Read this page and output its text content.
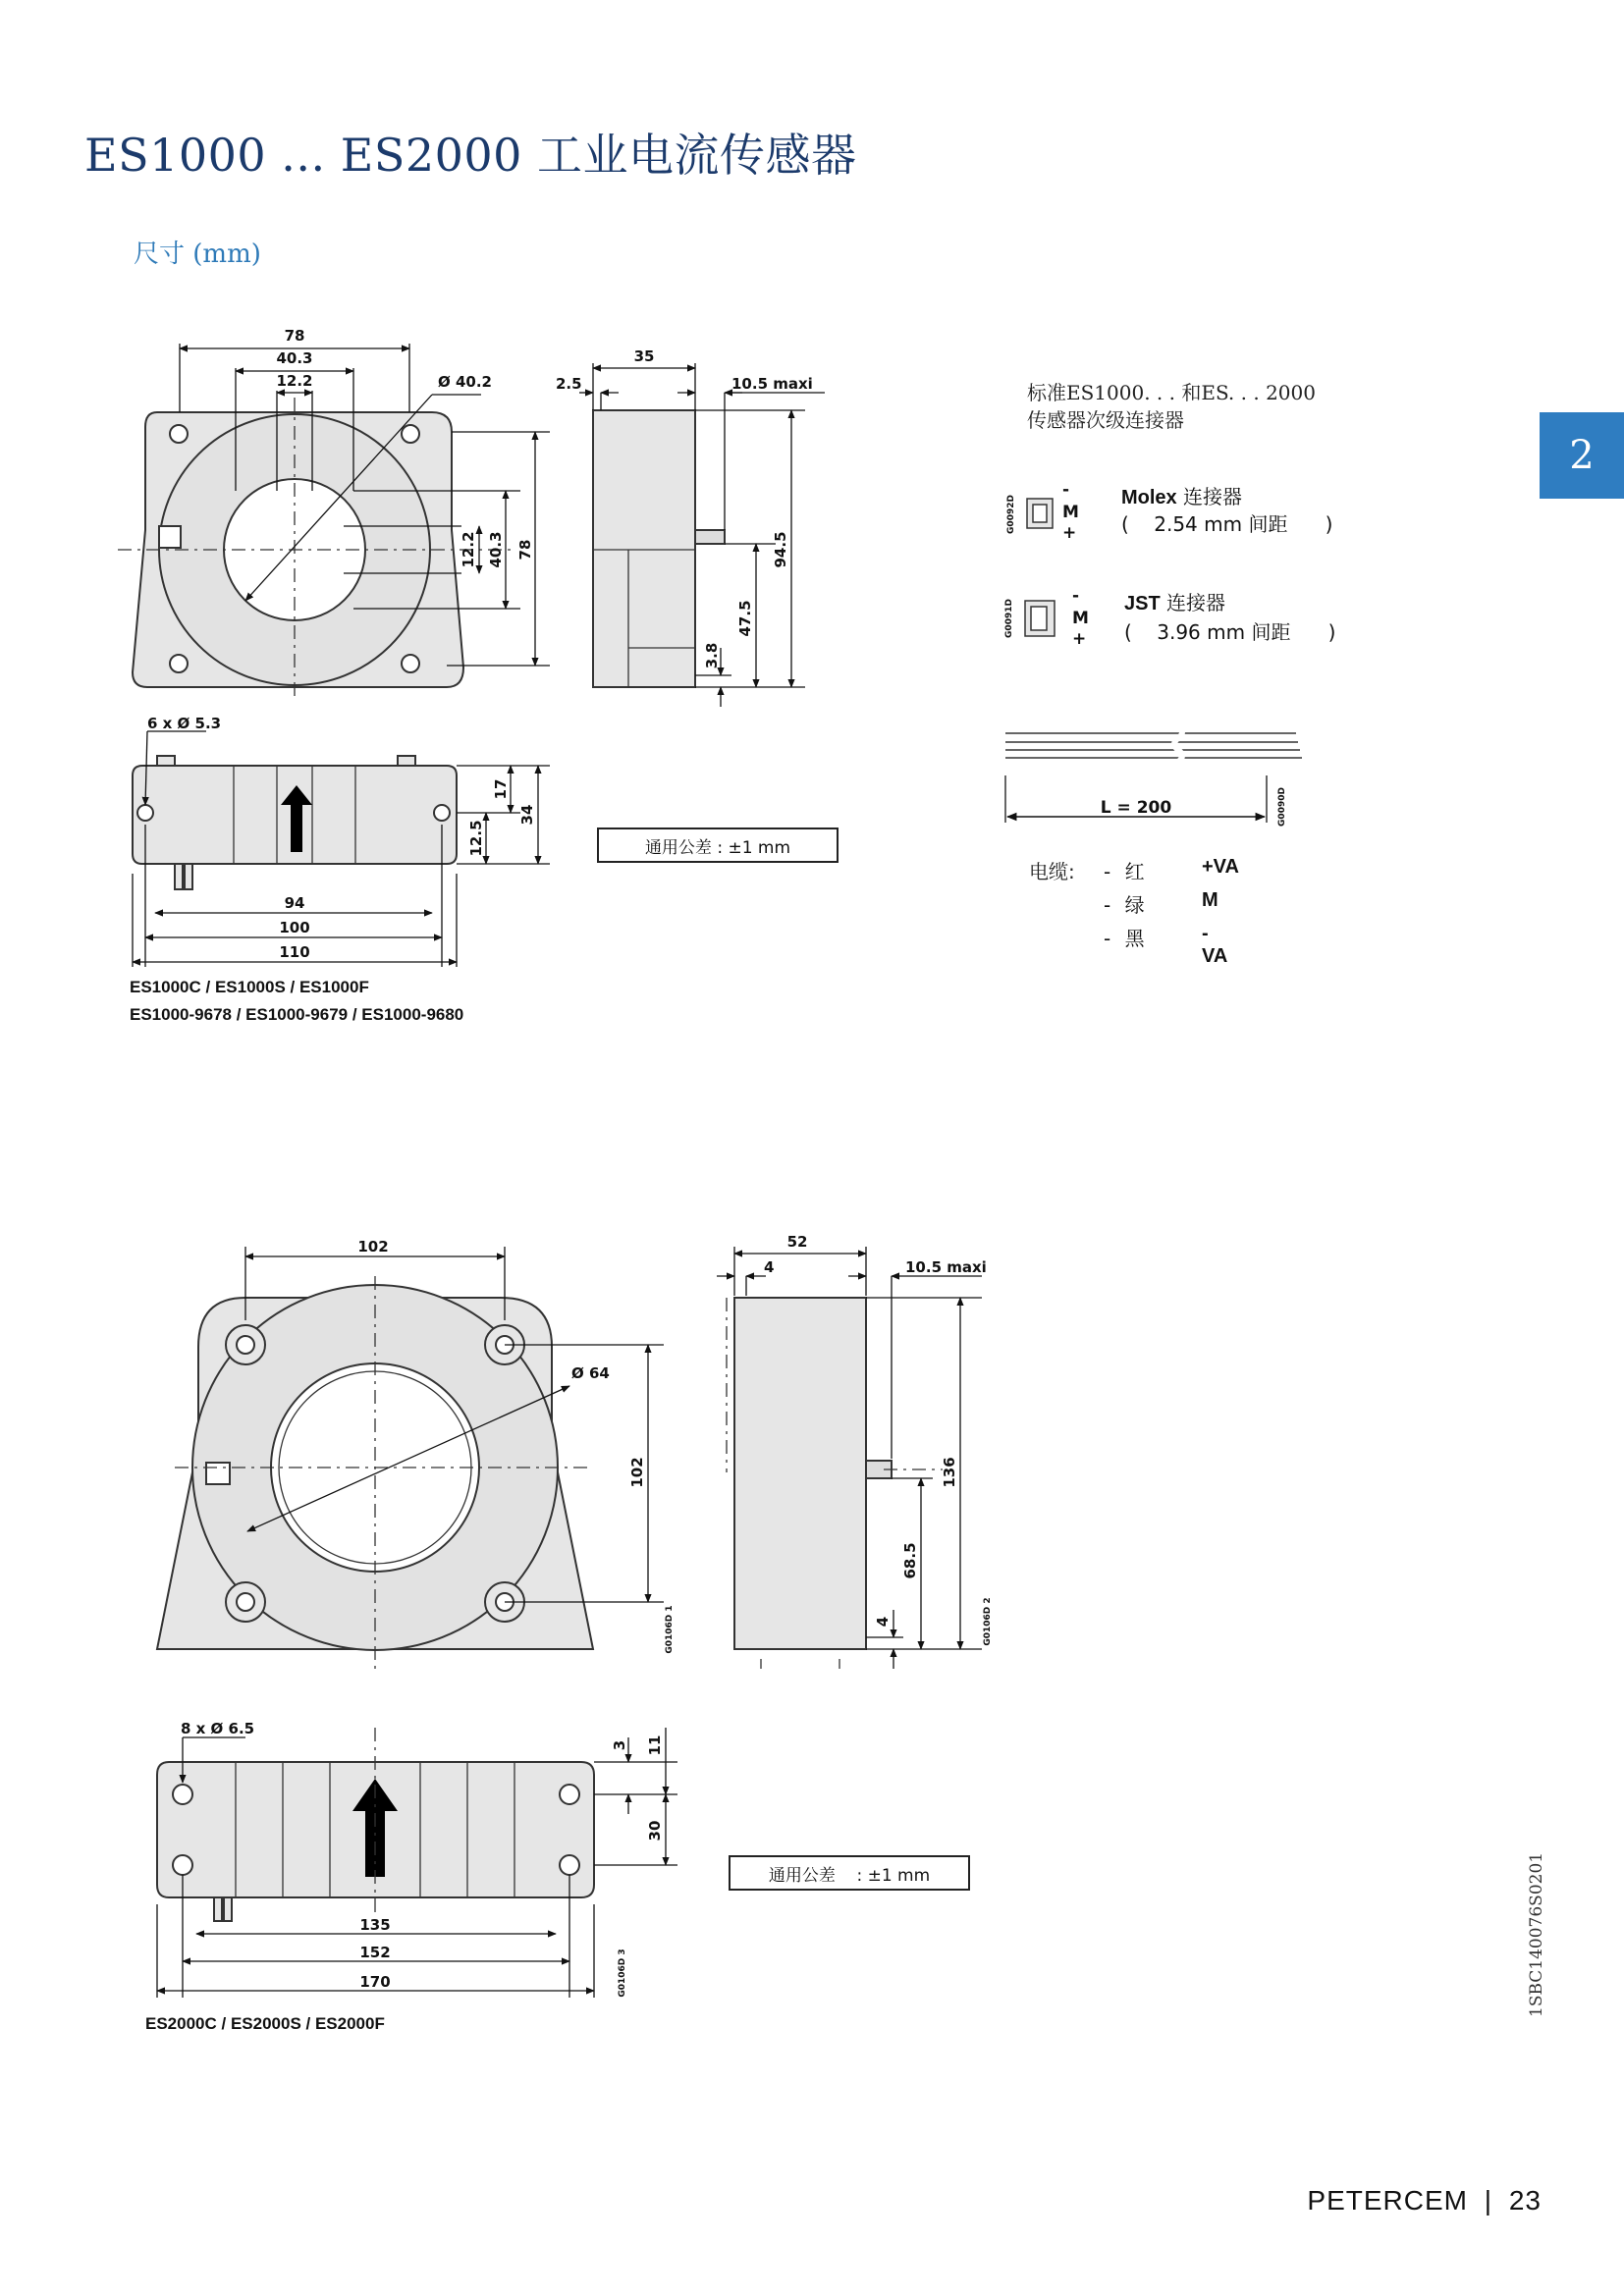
ES1000 ... ES2000 工业电流传感器
尺寸 (mm)
2
78
40.3
12.2	Ø 40.2
12.2 40.3 78
35
2.5	10.5 maxi
94.5
47.5
3.8
6 x Ø 5.3
17
34
12.5
94
100
110
G0092D
-
M
+
G0091D
-
M
+
L = 200	G0090D
102
Ø 64
102
G0106D 1
52
4	10.5 maxi
136
68.5
4	G0106D 2
8 x Ø 6.5
3 11
30
135
152
170	G0106D 3
通用公差 : ±1 mm
ES1000C / ES1000S / ES1000F
ES1000-9678 / ES1000-9679 / ES1000-9680
标准ES1000. . . 和ES. . . 2000
传感器次级连接器
Molex 连接器
(    2.54 mm 间距      )
JST 连接器
(    3.96 mm 间距      )
电缆: - 红	+VA
- 绿	M
- 黑	-VA
通用公差    : ±1 mm
ES2000C / ES2000S / ES2000F
1SBC140076S0201
PETERCEM | 23
